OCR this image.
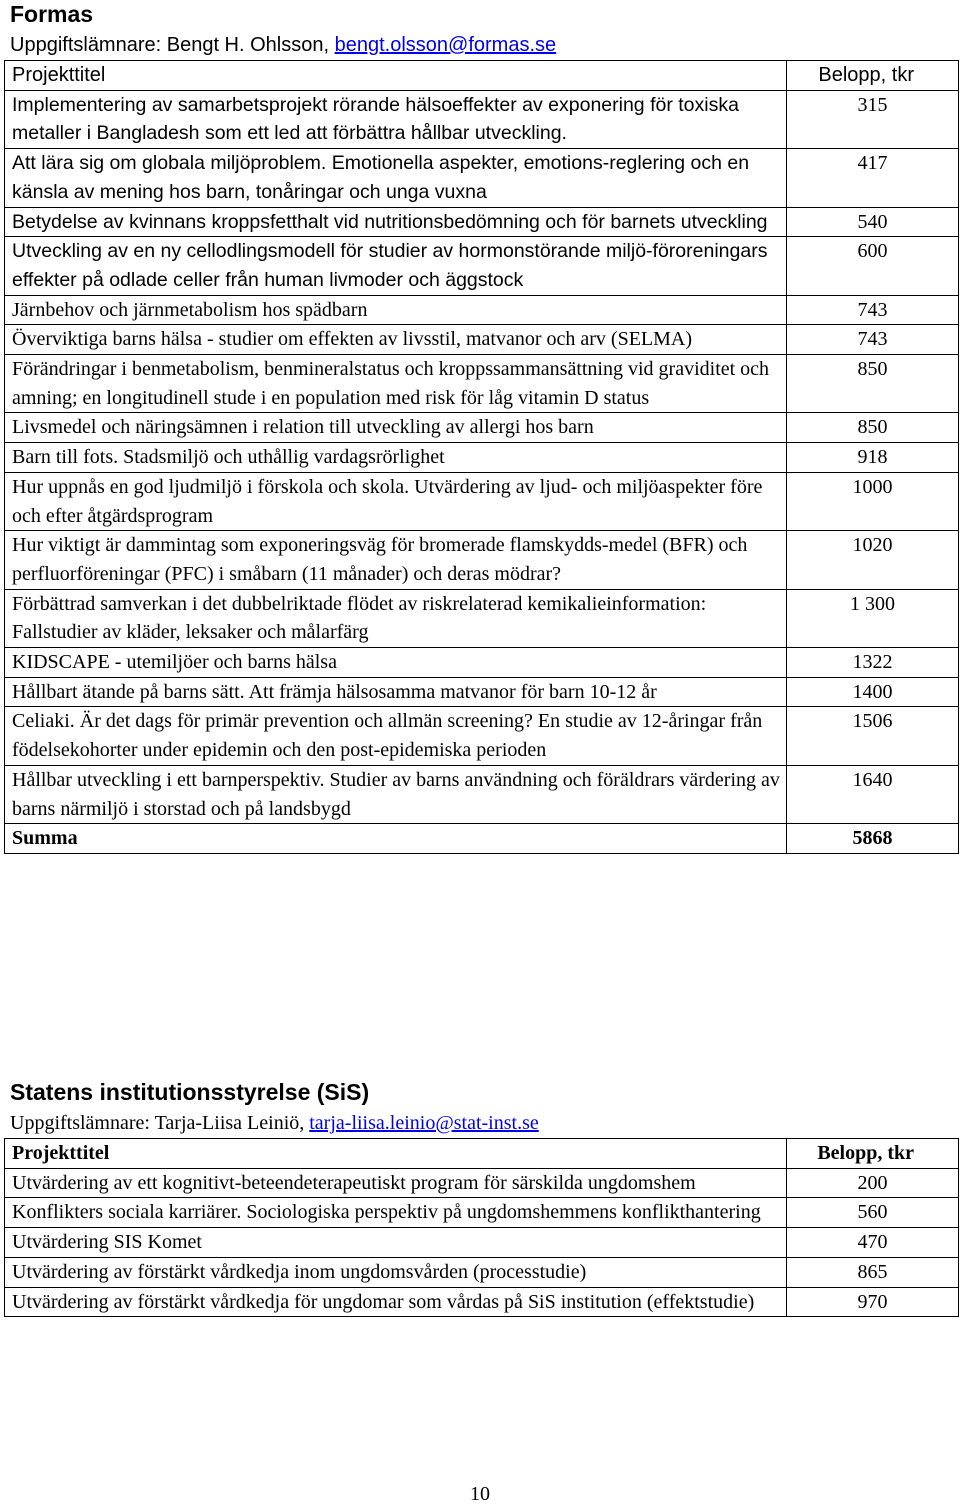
Formas
Uppgiftslämnare: Bengt H. Ohlsson, bengt.olsson@formas.se
Projekttitel	Belopp, tkr
Implementering av samarbetsprojekt rörande hälsoeffekter av exponering för toxiska metaller i Bangladesh som ett led att förbättra hållbar utveckling.	315
Att lära sig om globala miljöproblem. Emotionella aspekter, emotions-reglering och en känsla av mening hos barn, tonåringar och unga vuxna	417
Betydelse av kvinnans kroppsfetthalt vid nutritionsbedömning och för barnets utveckling	540
Utveckling av en ny cellodlingsmodell för studier av hormonstörande miljö-föroreningars effekter på odlade celler från human livmoder och äggstock	600
Järnbehov och järnmetabolism hos spädbarn	743
Överviktiga barns hälsa - studier om effekten av livsstil, matvanor och arv (SELMA)	743
Förändringar i benmetabolism, benmineralstatus och kroppssammansättning vid graviditet och amning; en longitudinell stude i en population med risk för låg vitamin D status	850
Livsmedel och näringsämnen i relation till utveckling av allergi hos barn	850
Barn till fots. Stadsmiljö och uthållig vardagsrörlighet	918
Hur uppnås en god ljudmiljö i förskola och skola. Utvärdering av ljud- och miljöaspekter före och efter åtgärdsprogram	1000
Hur viktigt är dammintag som exponeringsväg för bromerade flamskydds-medel (BFR) och perfluorföreningar (PFC) i småbarn (11 månader) och deras mödrar?	1020
Förbättrad samverkan i det dubbelriktade flödet av riskrelaterad kemikalieinformation: Fallstudier av kläder, leksaker och målarfärg	1 300
KIDSCAPE - utemiljöer och barns hälsa	1322
Hållbart ätande på barns sätt. Att främja hälsosamma matvanor för barn 10-12 år	1400
Celiaki. Är det dags för primär prevention och allmän screening? En studie av 12-åringar från födelsekohorter under epidemin och den post-epidemiska perioden	1506
Hållbar utveckling i ett barnperspektiv. Studier av barns användning och föräldrars värdering av barns närmiljö i storstad och på landsbygd	1640
Summa	5868
Statens institutionsstyrelse (SiS)
Uppgiftslämnare: Tarja-Liisa Leiniö, tarja-liisa.leinio@stat-inst.se
Projekttitel	Belopp, tkr
Utvärdering av ett kognitivt-beteendeterapeutiskt program för särskilda ungdomshem	200
Konflikters sociala karriärer. Sociologiska perspektiv på ungdomshemmens konflikthantering	560
Utvärdering SIS Komet	470
Utvärdering av förstärkt vårdkedja inom ungdomsvården (processtudie)	865
Utvärdering av förstärkt vårdkedja för ungdomar som vårdas på SiS institution (effektstudie)	970
10
